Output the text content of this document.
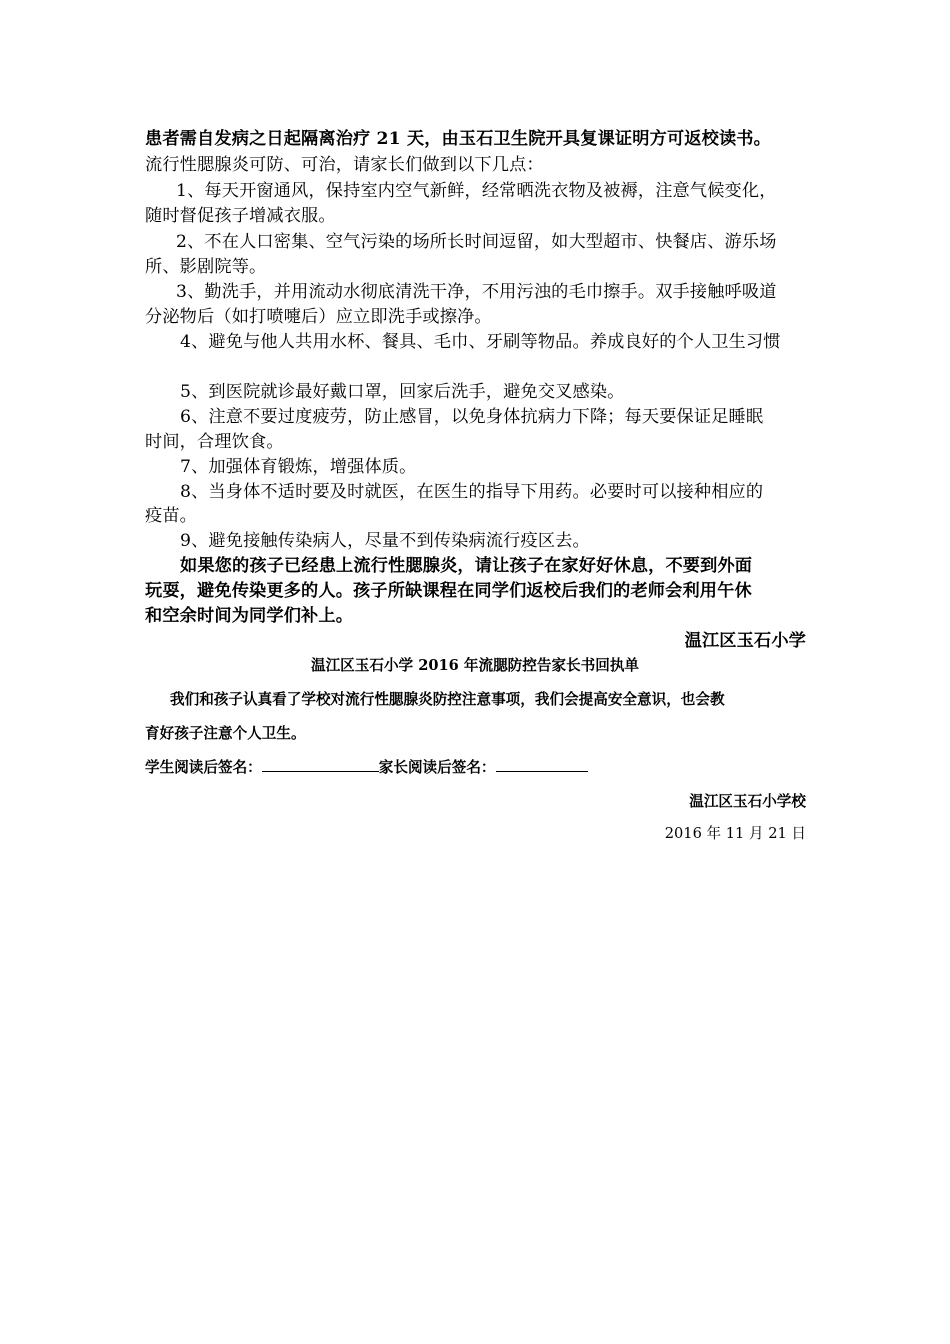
患者需自发病之日起隔离治疗 21 天，由玉石卫生院开具复课证明方可返校读书。
流行性腮腺炎可防、可治，请家长们做到以下几点：
1、每天开窗通风，保持室内空气新鲜，经常晒洗衣物及被褥，注意气候变化，
随时督促孩子增减衣服。
2、不在人口密集、空气污染的场所长时间逗留，如大型超市、快餐店、游乐场
所、影剧院等。
3、勤洗手，并用流动水彻底清洗干净，不用污浊的毛巾擦手。双手接触呼吸道
分泌物后（如打喷嚏后）应立即洗手或擦净。
4、避免与他人共用水杯、餐具、毛巾、牙刷等物品。养成良好的个人卫生习惯
5、到医院就诊最好戴口罩，回家后洗手，避免交叉感染。
6、注意不要过度疲劳，防止感冒，以免身体抗病力下降；每天要保证足睡眠
时间，合理饮食。
7、加强体育锻炼，增强体质。
8、当身体不适时要及时就医，在医生的指导下用药。必要时可以接种相应的
疫苗。
9、避免接触传染病人，尽量不到传染病流行疫区去。
如果您的孩子已经患上流行性腮腺炎，请让孩子在家好好休息，不要到外面
玩耍，避免传染更多的人。孩子所缺课程在同学们返校后我们的老师会利用午休
和空余时间为同学们补上。
温江区玉石小学
温江区玉石小学 2016 年流腮防控告家长书回执单
我们和孩子认真看了学校对流行性腮腺炎防控注意事项，我们会提高安全意识，也会教
育好孩子注意个人卫生。
学生阅读后签名：	家长阅读后签名：
温江区玉石小学校
2016 年 11 月 21 日
